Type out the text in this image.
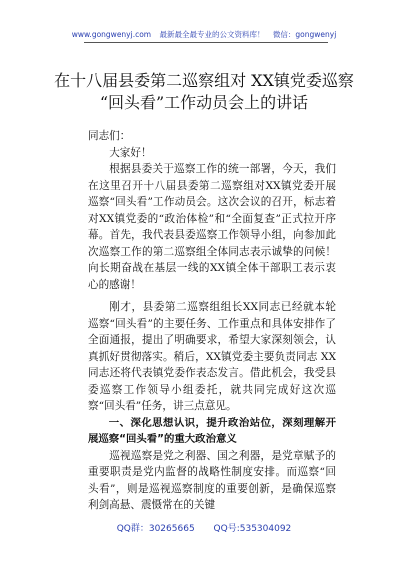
www.gongwenyj.com 最新最全最专业的公文资料库！ 微信：gongwenyj
在十八届县委第二巡察组对 XX镇党委巡察
“回头看”工作动员会上的讲话

同志们：

大家好！

根据县委关于巡察工作的统一部署，今天，我们在这里召开十八届县委第二巡察组对XX镇党委开展巡察“回头看”工作动员会。这次会议的召开，标志着对XX镇党委的“政治体检”和“全面复查”正式拉开序幕。首先，我代表县委巡察工作领导小组，向参加此次巡察工作的第二巡察组全体同志表示诚挚的问候！向长期奋战在基层一线的XX镇全体干部职工表示衷心的感谢！

刚才，县委第二巡察组组长XX同志已经就本轮巡察“回头看”的主要任务、工作重点和具体安排作了全面通报，提出了明确要求，希望大家深刻领会，认真抓好贯彻落实。稍后，XX镇党委主要负责同志 XX同志还将代表镇党委作表态发言。借此机会，我受县委巡察工作领导小组委托，就共同完成好这次巡察“回头看”任务，讲三点意见。

一、深化思想认识，提升政治站位，深刻理解开展巡察“回头看”的重大政治意义

巡视巡察是党之利器、国之利器，是党章赋予的重要职责是党内监督的战略性制度安排。而巡察“回头看”，则是巡视巡察制度的重要创新，是确保巡察利剑高悬、震慑常在的关键

QQ群：30265665 QQ号:535304092
